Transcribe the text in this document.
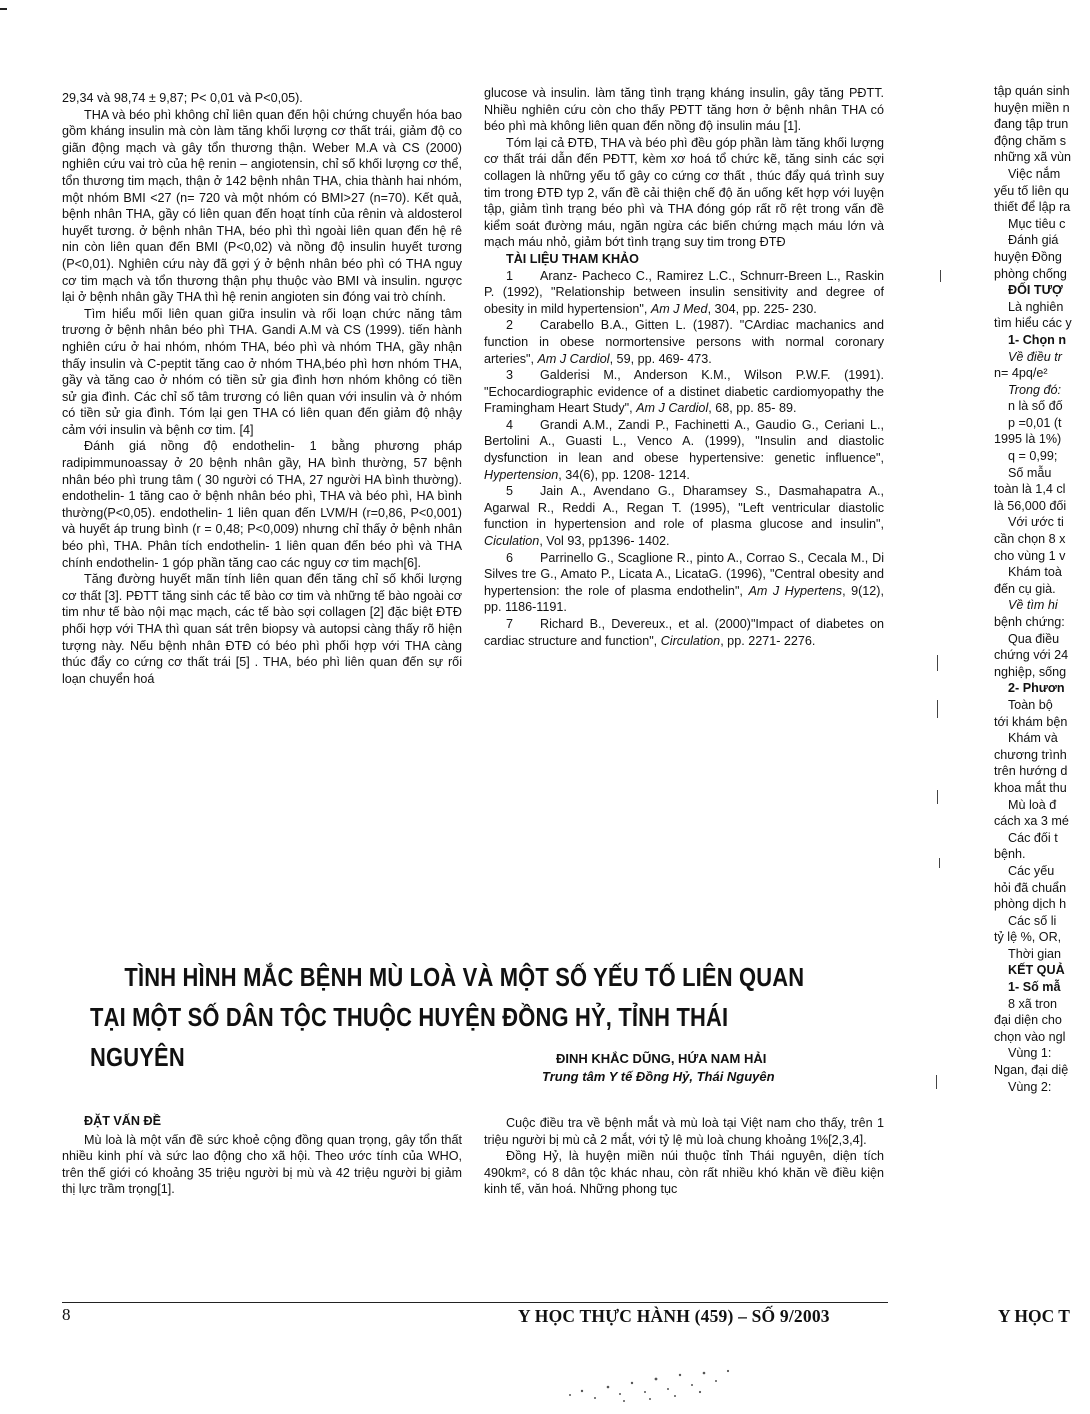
29,34 và 98,74 ± 9,87; P< 0,01 và P<0,05).

THA và béo phì không chỉ liên quan đến hội chứng chuyển hóa bao gồm kháng insulin mà còn làm tăng khối lượng cơ thất trái, giảm độ co giãn động mạch và gây tổn thương thận. Weber M.A và CS (2000) nghiên cứu vai trò của hệ renin – angiotensin, chỉ số khối lượng cơ thể, tổn thương tim mạch, thận ở 142 bệnh nhân THA, chia thành hai nhóm, một nhóm BMI <27 (n= 720 và một nhóm có BMI>27 (n=70). Kết quả, bệnh nhân THA, gầy có liên quan đến hoạt tính của rênin và aldosterol huyết tương. ở bệnh nhân THA, béo phì thì ngoài liên quan đến hệ rê nin còn liên quan đến BMI (P<0,02) và nồng độ insulin huyết tương (P<0,01). Nghiên cứu này đã gợi ý ở bệnh nhân béo phì có THA nguy cơ tim mạch và tổn thương thận phụ thuộc vào BMI và insulin. ngược lại ở bệnh nhân gầy THA thì hệ renin angioten sin đóng vai trò chính.

Tìm hiểu mối liên quan giữa insulin và rối loạn chức năng tâm trương ở bệnh nhân béo phì THA. Gandi A.M và CS (1999). tiến hành nghiên cứu ở hai nhóm, nhóm THA, béo phì và nhóm THA, gầy nhận thấy insulin và C-peptit tăng cao ở nhóm THA,béo phì hơn nhóm THA, gầy và tăng cao ở nhóm có tiền sử gia đình hơn nhóm không có tiền sử gia đình. Các chỉ số tâm trương có liên quan với insulin và ở nhóm có tiền sử gia đình. Tóm lại gen THA có liên quan đến giảm độ nhậy cảm với insulin và bệnh cơ tim. [4]

Đánh giá nồng độ endothelin- 1 bằng phương pháp radipimmunoassay ở 20 bệnh nhân gầy, HA bình thường, 57 bệnh nhân béo phì trung tâm ( 30 người có THA, 27 người HA bình thường). endothelin- 1 tăng cao ở bệnh nhân béo phì, THA và béo phì, HA bình thường(P<0,05). endothelin- 1 liên quan đến LVM/H (r=0,86, P<0,001) và huyết áp trung bình (r = 0,48; P<0,009) nhưng chỉ thấy ở bệnh nhân béo phì, THA. Phân tích endothelin- 1 liên quan đến béo phì và THA chính endothelin- 1 góp phần tăng cao các nguy cơ tim mạch[6].

Tăng đường huyết mãn tính liên quan đến tăng chỉ số khối lượng cơ thất [3]. PĐTT tăng sinh các tế bào cơ tim và những tế bào ngoài cơ tim như tế bào nội mạc mạch, các tế bào sợi collagen [2] đặc biệt ĐTĐ phối hợp với THA thì quan sát trên biopsy và autopsi càng thấy rõ hiện tượng này. Nếu bệnh nhân ĐTĐ có béo phì phối hợp với THA càng thúc đẩy co cứng cơ thất trái [5] . THA, béo phì liên quan đến sự rối loạn chuyển hoá

glucose và insulin. làm tăng tình trạng kháng insulin, gây tăng PĐTT. Nhiều nghiên cứu còn cho thấy PĐTT tăng hơn ở bệnh nhân THA có béo phì mà không liên quan đến nồng độ insulin máu [1].

Tóm lại cả ĐTĐ, THA và béo phì đều góp phần làm tăng khối lượng cơ thất trái dẫn đến PĐTT, kèm xơ hoá tổ chức kẽ, tăng sinh các sợi collagen là những yếu tố gây co cứng cơ thất , thúc đẩy quá trình suy tim trong ĐTĐ typ 2, vấn đề cải thiện chế độ ăn uống kết hợp với luyện tập, giảm tình trạng béo phì và THA đóng góp rất rõ rệt trong vấn đề kiểm soát đường máu, ngăn ngừa các biến chứng mạch máu lớn và mạch máu nhỏ, giảm bớt tình trạng suy tim trong ĐTĐ

TÀI LIỆU THAM KHẢO

1 Aranz- Pacheco C., Ramirez L.C., Schnurr-Breen L., Raskin P. (1992), "Relationship between insulin sensitivity and degree of obesity in mild hypertension", Am J Med, 304, pp. 225- 230.

2 Carabello B.A., Gitten L. (1987). "CArdiac machanics and function in obese normortensive persons with normal coronary arteries", Am J Cardiol, 59, pp. 469- 473.

3 Galderisi M., Anderson K.M., Wilson P.W.F. (1991). "Echocardiographic evidence of a distinet diabetic cardiomyopathy the Framingham Heart Study", Am J Cardiol, 68, pp. 85- 89.

4 Grandi A.M., Zandi P., Fachinetti A., Gaudio G., Ceriani L., Bertolini A., Guasti L., Venco A. (1999), "Insulin and diastolic dysfunction in lean and obese hypertensive: genetic influence", Hypertension, 34(6), pp. 1208- 1214.

5 Jain A., Avendano G., Dharamsey S., Dasmahapatra A., Agarwal R., Reddi A., Regan T. (1995), "Left ventricular diastolic function in hypertension and role of plasma glucose and insulin", Ciculation, Vol 93, pp1396- 1402.

6 Parrinello G., Scaglione R., pinto A., Corrao S., Cecala M., Di Silves tre G., Amato P., Licata A., LicataG. (1996), "Central obesity and hypertension: the role of plasma endothelin", Am J Hypertens, 9(12), pp. 1186-1191.

7 Richard B., Devereux., et al. (2000)"Impact of diabetes on cardiac structure and function", Circulation, pp. 2271- 2276.

tập quán sinh

huyện miền n

đang tập trun

động chăm s

những xã vùn

Việc nắm

yếu tố liên qu

thiết để lập ra

Mục tiêu c

Đánh giá

huyện Đồng

phòng chống

ĐỐI TƯỢ

Là nghiên

tìm hiểu các y

1- Chọn n

Về điều tr

n= 4pq/e²

Trong đó:

n là số đố

p =0,01 (t

1995 là 1%)

q = 0,99;

Số mẫu

toàn là 1,4 cl

là 56,000 đối

Với ước ti

cần chọn 8 x

cho vùng 1 v

Khám toà

đến cụ già.

Về tìm hi

bệnh chứng:

Qua điều

chứng với 24

nghiệp, sống

2- Phươn

Toàn bộ

tới khám bện

Khám và

chương trình

trên hướng d

khoa mắt thu

Mù loà đ

cách xa 3 mé

Các đối t

bệnh.

Các yếu

hỏi đã chuẩn

phòng dịch h

Các số li

tỷ lệ %, OR,

Thời gian

KẾT QUẢ

1- Số mẫ

8 xã tron

đại diện cho

chọn vào ngl

Vùng 1:

Ngan, đại diệ

Vùng 2:

TÌNH HÌNH MẮC BỆNH MÙ LOÀ VÀ MỘT SỐ YẾU TỐ LIÊN QUAN
TẠI MỘT SỐ DÂN TỘC THUỘC HUYỆN ĐỒNG HỶ, TỈNH THÁI NGUYÊN	ĐINH KHẮC DŨNG, HỨA NAM HẢI
Trung tâm Y tế Đồng Hỷ, Thái Nguyên

ĐẶT VẤN ĐỀ

Mù loà là một vấn đề sức khoẻ cộng đồng quan trọng, gây tổn thất nhiều kinh phí và sức lao động cho xã hội. Theo ước tính của WHO, trên thế giới có khoảng 35 triệu người bị mù và 42 triệu người bị giảm thị lực trầm trọng[1].

Cuộc điều tra về bệnh mắt và mù loà tại Việt nam cho thấy, trên 1 triệu người bị mù cả 2 mắt, với tỷ lệ mù loà chung khoảng 1%[2,3,4].

Đồng Hỷ, là huyện miền núi thuộc tỉnh Thái nguyên, diện tích 490km², có 8 dân tộc khác nhau, còn rất nhiều khó khăn về điều kiện kinh tế, văn hoá. Những phong tục

8	Y HỌC THỰC HÀNH (459) – SỐ 9/2003	Y HỌC T
